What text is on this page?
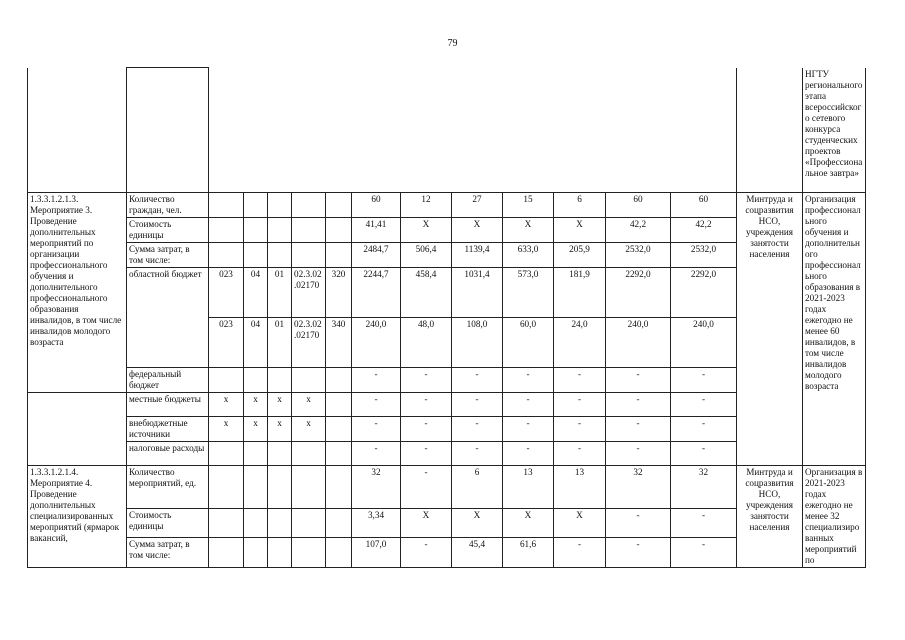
79
															НГТУ регионального этапа всероссийского сетевого конкурса студенческих проектов «Профессиональное завтра»
1.3.3.1.2.1.3. Мероприятие 3. Проведение дополнительных мероприятий по организации профессионального обучения и дополнительного профессионального образования инвалидов, в том числе инвалидов молодого возраста	Количество граждан, чел.						60	12	27	15	6	60	60	Минтруда и соцразвития НСО, учреждения занятости населения	Организация профессионального обучения и дополнительного профессионального образования в 2021-2023 годах ежегодно не менее 60 инвалидов, в том числе инвалидов молодого возраста
	Стоимость единицы						41,41	X	X	X	X	42,2	42,2		
	Сумма затрат, в том числе:						2484,7	506,4	1139,4	633,0	205,9	2532,0	2532,0		
	областной бюджет	023	04	01	02.3.02.02170	320	2244,7	458,4	1031,4	573,0	181,9	2292,0	2292,0		
		023	04	01	02.3.02.02170	340	240,0	48,0	108,0	60,0	24,0	240,0	240,0		
	федеральный бюджет						-	-	-	-	-	-	-		
	местные бюджеты	x	x	x	x		-	-	-	-	-	-	-		
	внебюджетные источники	x	x	x	x		-	-	-	-	-	-	-		
	налоговые расходы						-	-	-	-	-	-	-		
1.3.3.1.2.1.4. Мероприятие 4. Проведение дополнительных специализированных мероприятий (ярмарок вакансий,	Количество мероприятий, ед.						32	-	6	13	13	32	32	Минтруда и соцразвития НСО, учреждения занятости населения	Организация в 2021-2023 годах ежегодно не менее 32 специализированных мероприятий по
	Стоимость единицы						3,34	X	X	X	X	-	-		
	Сумма затрат, в том числе:						107,0	-	45,4	61,6	-	-	-		
